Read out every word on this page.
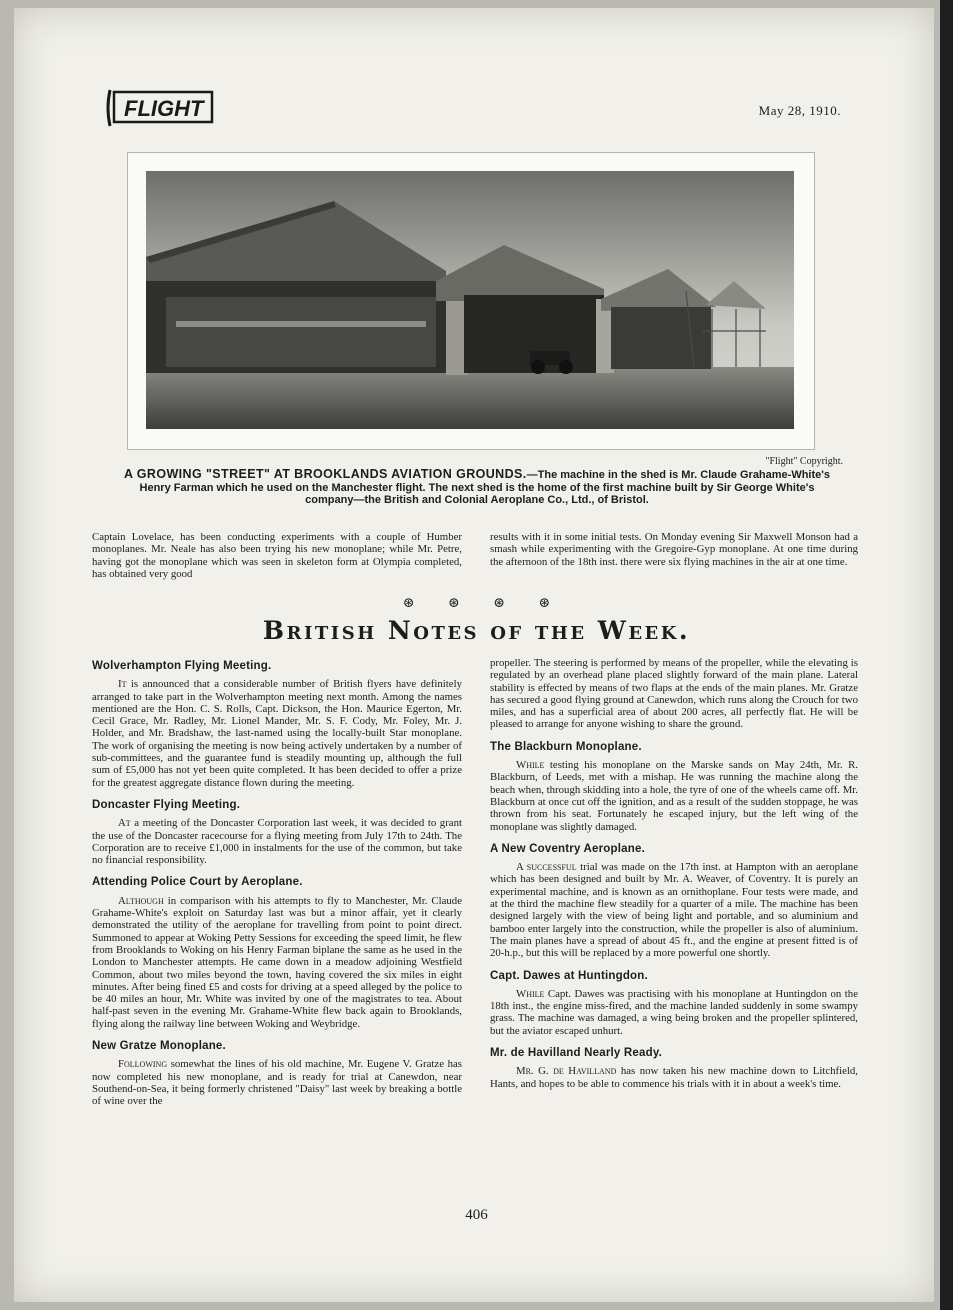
FLIGHT	May 28, 1910.
"Flight" Copyright.
A GROWING "STREET" AT BROOKLANDS AVIATION GROUNDS.—The machine in the shed is Mr. Claude Grahame-White's Henry Farman which he used on the Manchester flight. The next shed is the home of the first machine built by Sir George White's company—the British and Colonial Aeroplane Co., Ltd., of Bristol.

Captain Lovelace, has been conducting experiments with a couple of Humber monoplanes. Mr. Neale has also been trying his new monoplane; while Mr. Petre, having got the monoplane which was seen in skeleton form at Olympia completed, has obtained very good

results with it in some initial tests. On Monday evening Sir Maxwell Monson had a smash while experimenting with the Gregoire-Gyp monoplane. At one time during the afternoon of the 18th inst. there were six flying machines in the air at one time.

⊛ ⊛ ⊛ ⊛
British Notes of the Week.
Wolverhampton Flying Meeting.

It is announced that a considerable number of British flyers have definitely arranged to take part in the Wolverhampton meeting next month. Among the names mentioned are the Hon. C. S. Rolls, Capt. Dickson, the Hon. Maurice Egerton, Mr. Cecil Grace, Mr. Radley, Mr. Lionel Mander, Mr. S. F. Cody, Mr. Foley, Mr. J. Holder, and Mr. Bradshaw, the last-named using the locally-built Star monoplane. The work of organising the meeting is now being actively undertaken by a number of sub-committees, and the guarantee fund is steadily mounting up, although the full sum of £5,000 has not yet been quite completed. It has been decided to offer a prize for the greatest aggregate distance flown during the meeting.

Doncaster Flying Meeting.

At a meeting of the Doncaster Corporation last week, it was decided to grant the use of the Doncaster racecourse for a flying meeting from July 17th to 24th. The Corporation are to receive £1,000 in instalments for the use of the common, but take no financial responsibility.

Attending Police Court by Aeroplane.

Although in comparison with his attempts to fly to Manchester, Mr. Claude Grahame-White's exploit on Saturday last was but a minor affair, yet it clearly demonstrated the utility of the aeroplane for travelling from point to point direct. Summoned to appear at Woking Petty Sessions for exceeding the speed limit, he flew from Brooklands to Woking on his Henry Farman biplane the same as he used in the London to Manchester attempts. He came down in a meadow adjoining Westfield Common, about two miles beyond the town, having covered the six miles in eight minutes. After being fined £5 and costs for driving at a speed alleged by the police to be 40 miles an hour, Mr. White was invited by one of the magistrates to tea. About half-past seven in the evening Mr. Grahame-White flew back again to Brooklands, flying along the railway line between Woking and Weybridge.

New Gratze Monoplane.

Following somewhat the lines of his old machine, Mr. Eugene V. Gratze has now completed his new monoplane, and is ready for trial at Canewdon, near Southend-on-Sea, it being formerly christened "Daisy" last week by breaking a bottle of wine over the

propeller. The steering is performed by means of the propeller, while the elevating is regulated by an overhead plane placed slightly forward of the main plane. Lateral stability is effected by means of two flaps at the ends of the main planes. Mr. Gratze has secured a good flying ground at Canewdon, which runs along the Crouch for two miles, and has a superficial area of about 200 acres, all perfectly flat. He will be pleased to arrange for anyone wishing to share the ground.

The Blackburn Monoplane.

While testing his monoplane on the Marske sands on May 24th, Mr. R. Blackburn, of Leeds, met with a mishap. He was running the machine along the beach when, through skidding into a hole, the tyre of one of the wheels came off. Mr. Blackburn at once cut off the ignition, and as a result of the sudden stoppage, he was thrown from his seat. Fortunately he escaped injury, but the left wing of the monoplane was slightly damaged.

A New Coventry Aeroplane.

A successful trial was made on the 17th inst. at Hampton with an aeroplane which has been designed and built by Mr. A. Weaver, of Coventry. It is purely an experimental machine, and is known as an ornithoplane. Four tests were made, and at the third the machine flew steadily for a quarter of a mile. The machine has been designed largely with the view of being light and portable, and so aluminium and bamboo enter largely into the construction, while the propeller is also of aluminium. The main planes have a spread of about 45 ft., and the engine at present fitted is of 20-h.p., but this will be replaced by a more powerful one shortly.

Capt. Dawes at Huntingdon.

While Capt. Dawes was practising with his monoplane at Huntingdon on the 18th inst., the engine miss-fired, and the machine landed suddenly in some swampy grass. The machine was damaged, a wing being broken and the propeller splintered, but the aviator escaped unhurt.

Mr. de Havilland Nearly Ready.

Mr. G. de Havilland has now taken his new machine down to Litchfield, Hants, and hopes to be able to commence his trials with it in about a week's time.

406
